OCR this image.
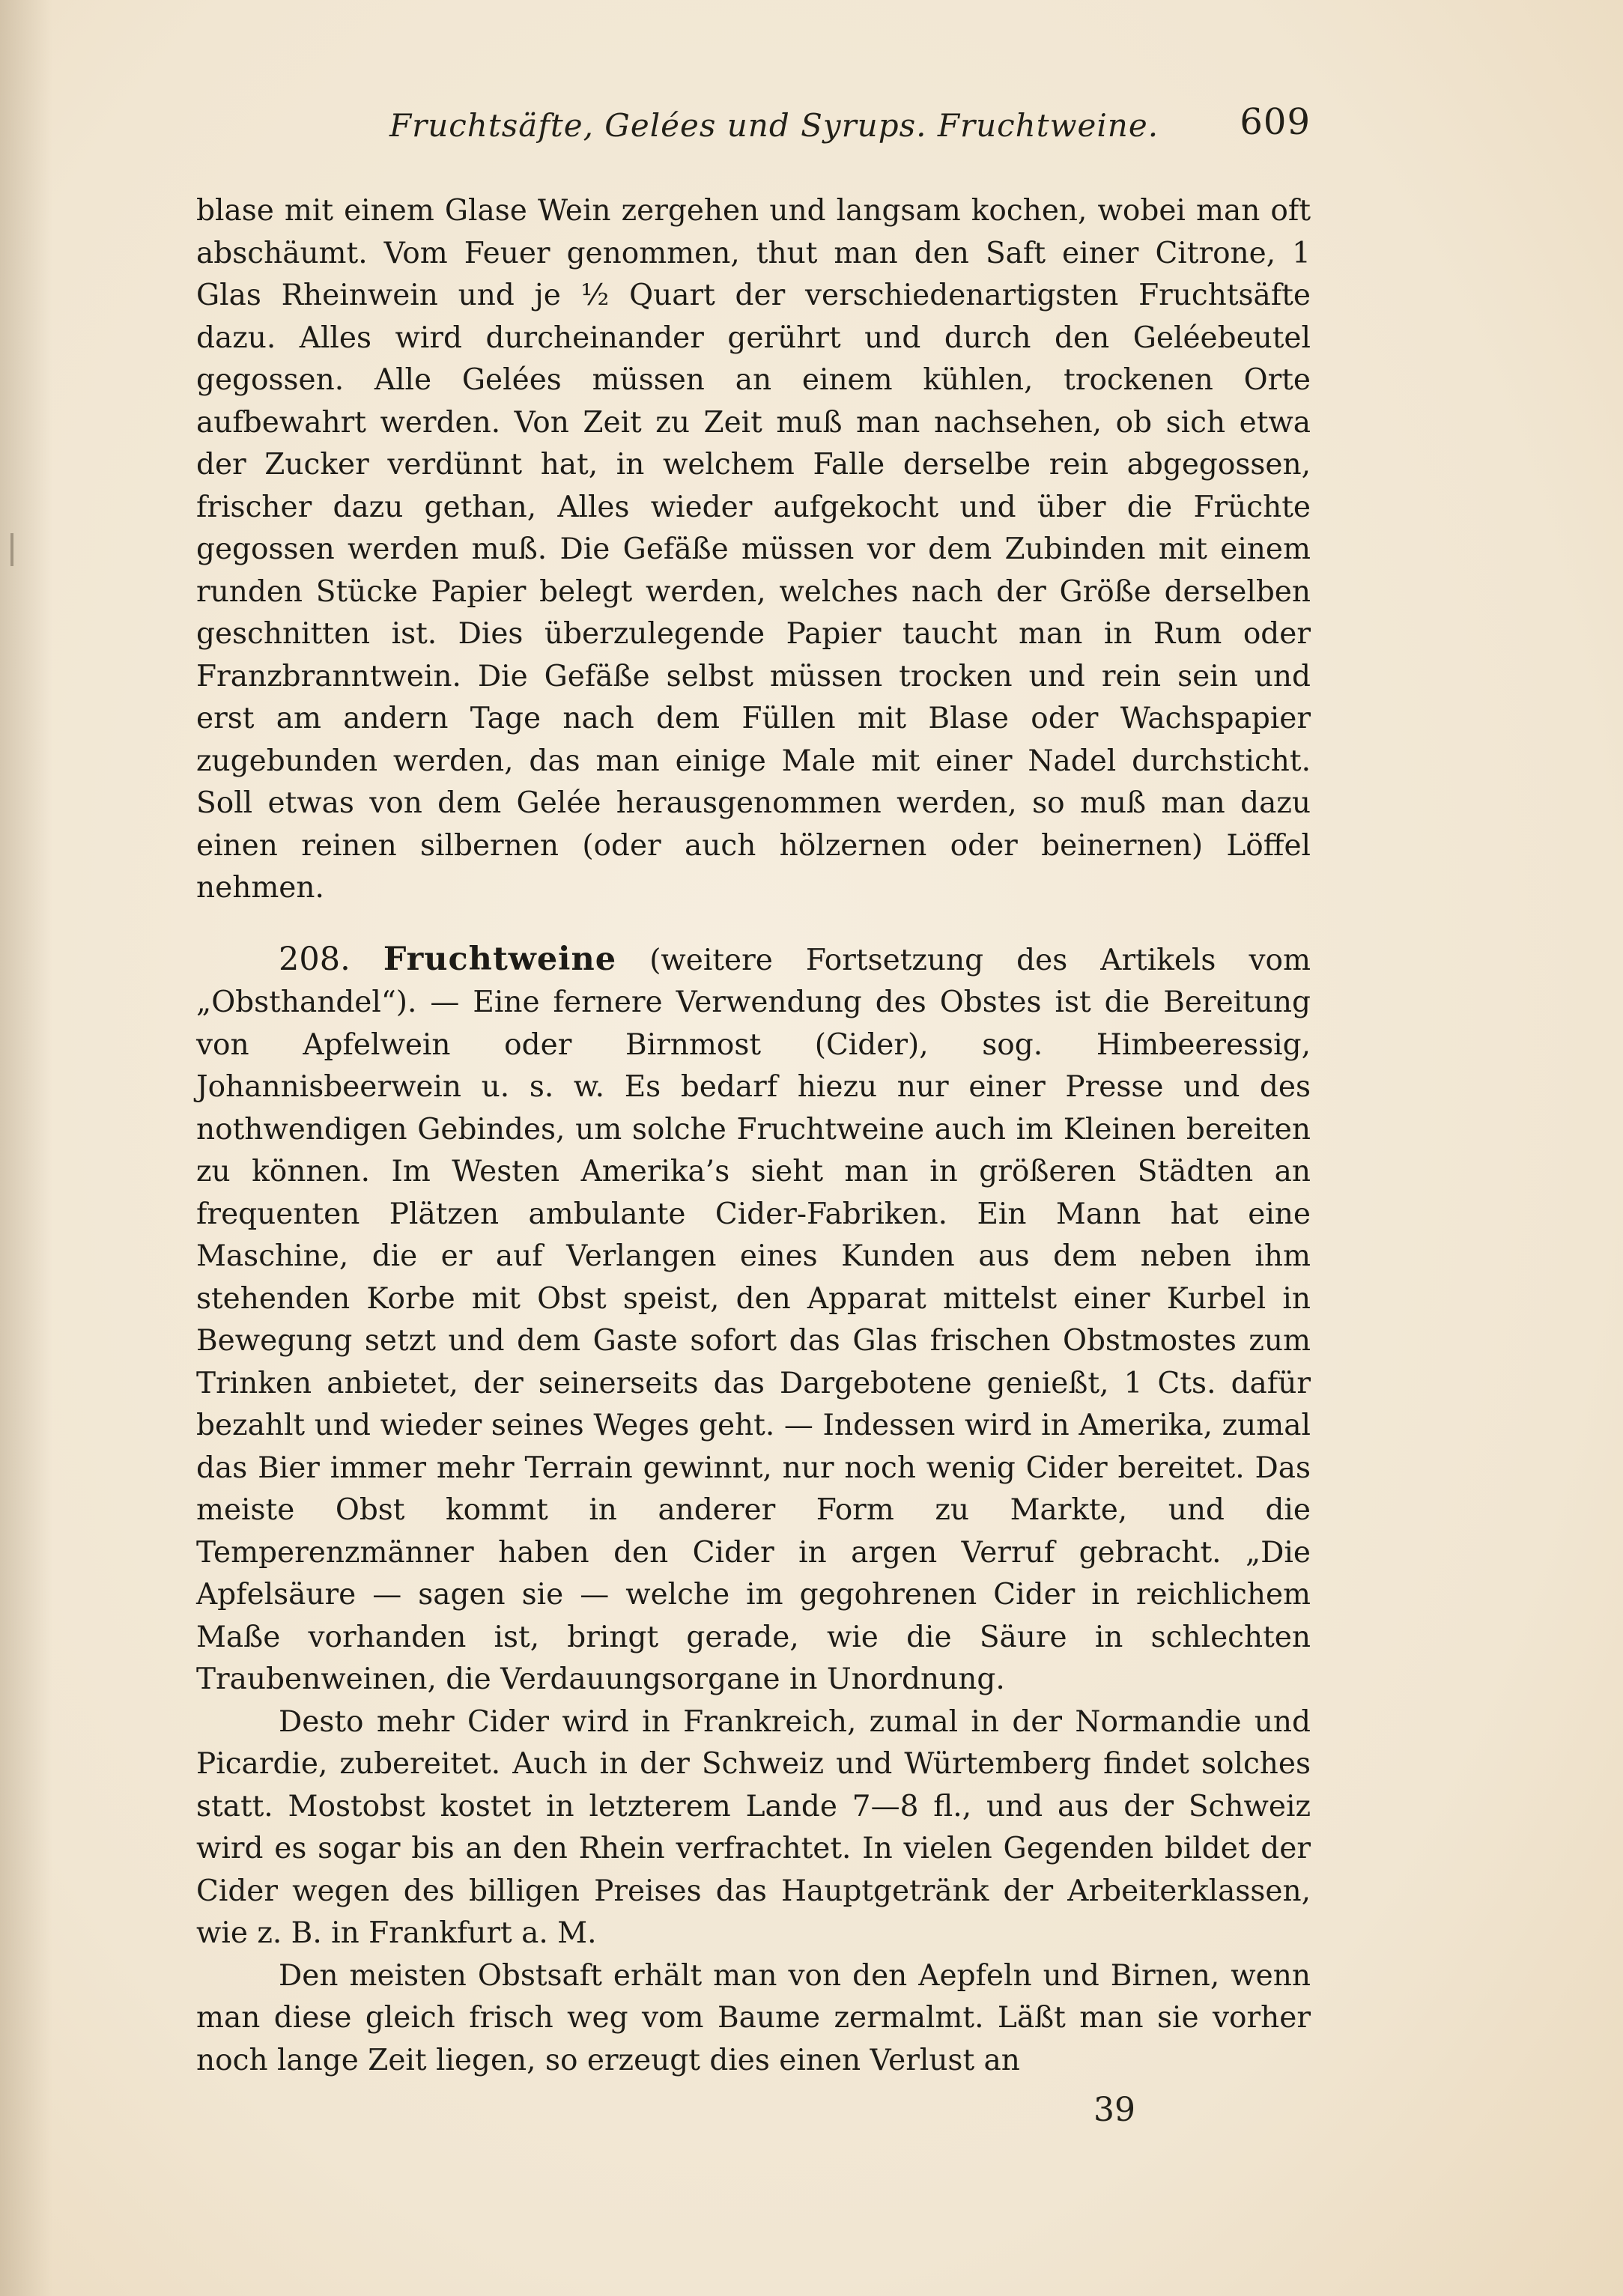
Fruchtsäfte, Gelées und Syrups. Fruchtweine. 609

blase mit einem Glase Wein zergehen und langsam kochen, wobei man oft abschäumt. Vom Feuer genommen, thut man den Saft einer Citrone, 1 Glas Rheinwein und je ½ Quart der verschiedenartigsten Fruchtsäfte dazu. Alles wird durcheinander gerührt und durch den Geléebeutel gegossen. Alle Gelées müssen an einem kühlen, trockenen Orte aufbewahrt werden. Von Zeit zu Zeit muß man nachsehen, ob sich etwa der Zucker verdünnt hat, in welchem Falle derselbe rein abgegossen, frischer dazu gethan, Alles wieder aufgekocht und über die Früchte gegossen werden muß. Die Gefäße müssen vor dem Zubinden mit einem runden Stücke Papier belegt werden, welches nach der Größe derselben geschnitten ist. Dies überzulegende Papier taucht man in Rum oder Franzbranntwein. Die Gefäße selbst müssen trocken und rein sein und erst am andern Tage nach dem Füllen mit Blase oder Wachspapier zugebunden werden, das man einige Male mit einer Nadel durchsticht. Soll etwas von dem Gelée herausgenommen werden, so muß man dazu einen reinen silbernen (oder auch hölzernen oder beinernen) Löffel nehmen.

208. Fruchtweine (weitere Fortsetzung des Artikels vom „Obsthandel“). — Eine fernere Verwendung des Obstes ist die Bereitung von Apfelwein oder Birnmost (Cider), sog. Himbeeressig, Johannisbeerwein u. s. w. Es bedarf hiezu nur einer Presse und des nothwendigen Gebindes, um solche Fruchtweine auch im Kleinen bereiten zu können. Im Westen Amerika’s sieht man in größeren Städten an frequenten Plätzen ambulante Cider-Fabriken. Ein Mann hat eine Maschine, die er auf Verlangen eines Kunden aus dem neben ihm stehenden Korbe mit Obst speist, den Apparat mittelst einer Kurbel in Bewegung setzt und dem Gaste sofort das Glas frischen Obstmostes zum Trinken anbietet, der seinerseits das Dargebotene genießt, 1 Cts. dafür bezahlt und wieder seines Weges geht. — Indessen wird in Amerika, zumal das Bier immer mehr Terrain gewinnt, nur noch wenig Cider bereitet. Das meiste Obst kommt in anderer Form zu Markte, und die Temperenzmänner haben den Cider in argen Verruf gebracht. „Die Apfelsäure — sagen sie — welche im gegohrenen Cider in reichlichem Maße vorhanden ist, bringt gerade, wie die Säure in schlechten Traubenweinen, die Verdauungsorgane in Unordnung.

Desto mehr Cider wird in Frankreich, zumal in der Normandie und Picardie, zubereitet. Auch in der Schweiz und Würtemberg findet solches statt. Mostobst kostet in letzterem Lande 7—8 fl., und aus der Schweiz wird es sogar bis an den Rhein verfrachtet. In vielen Gegenden bildet der Cider wegen des billigen Preises das Hauptgetränk der Arbeiterklassen, wie z. B. in Frankfurt a. M.

Den meisten Obstsaft erhält man von den Aepfeln und Birnen, wenn man diese gleich frisch weg vom Baume zermalmt. Läßt man sie vorher noch lange Zeit liegen, so erzeugt dies einen Verlust an

39
